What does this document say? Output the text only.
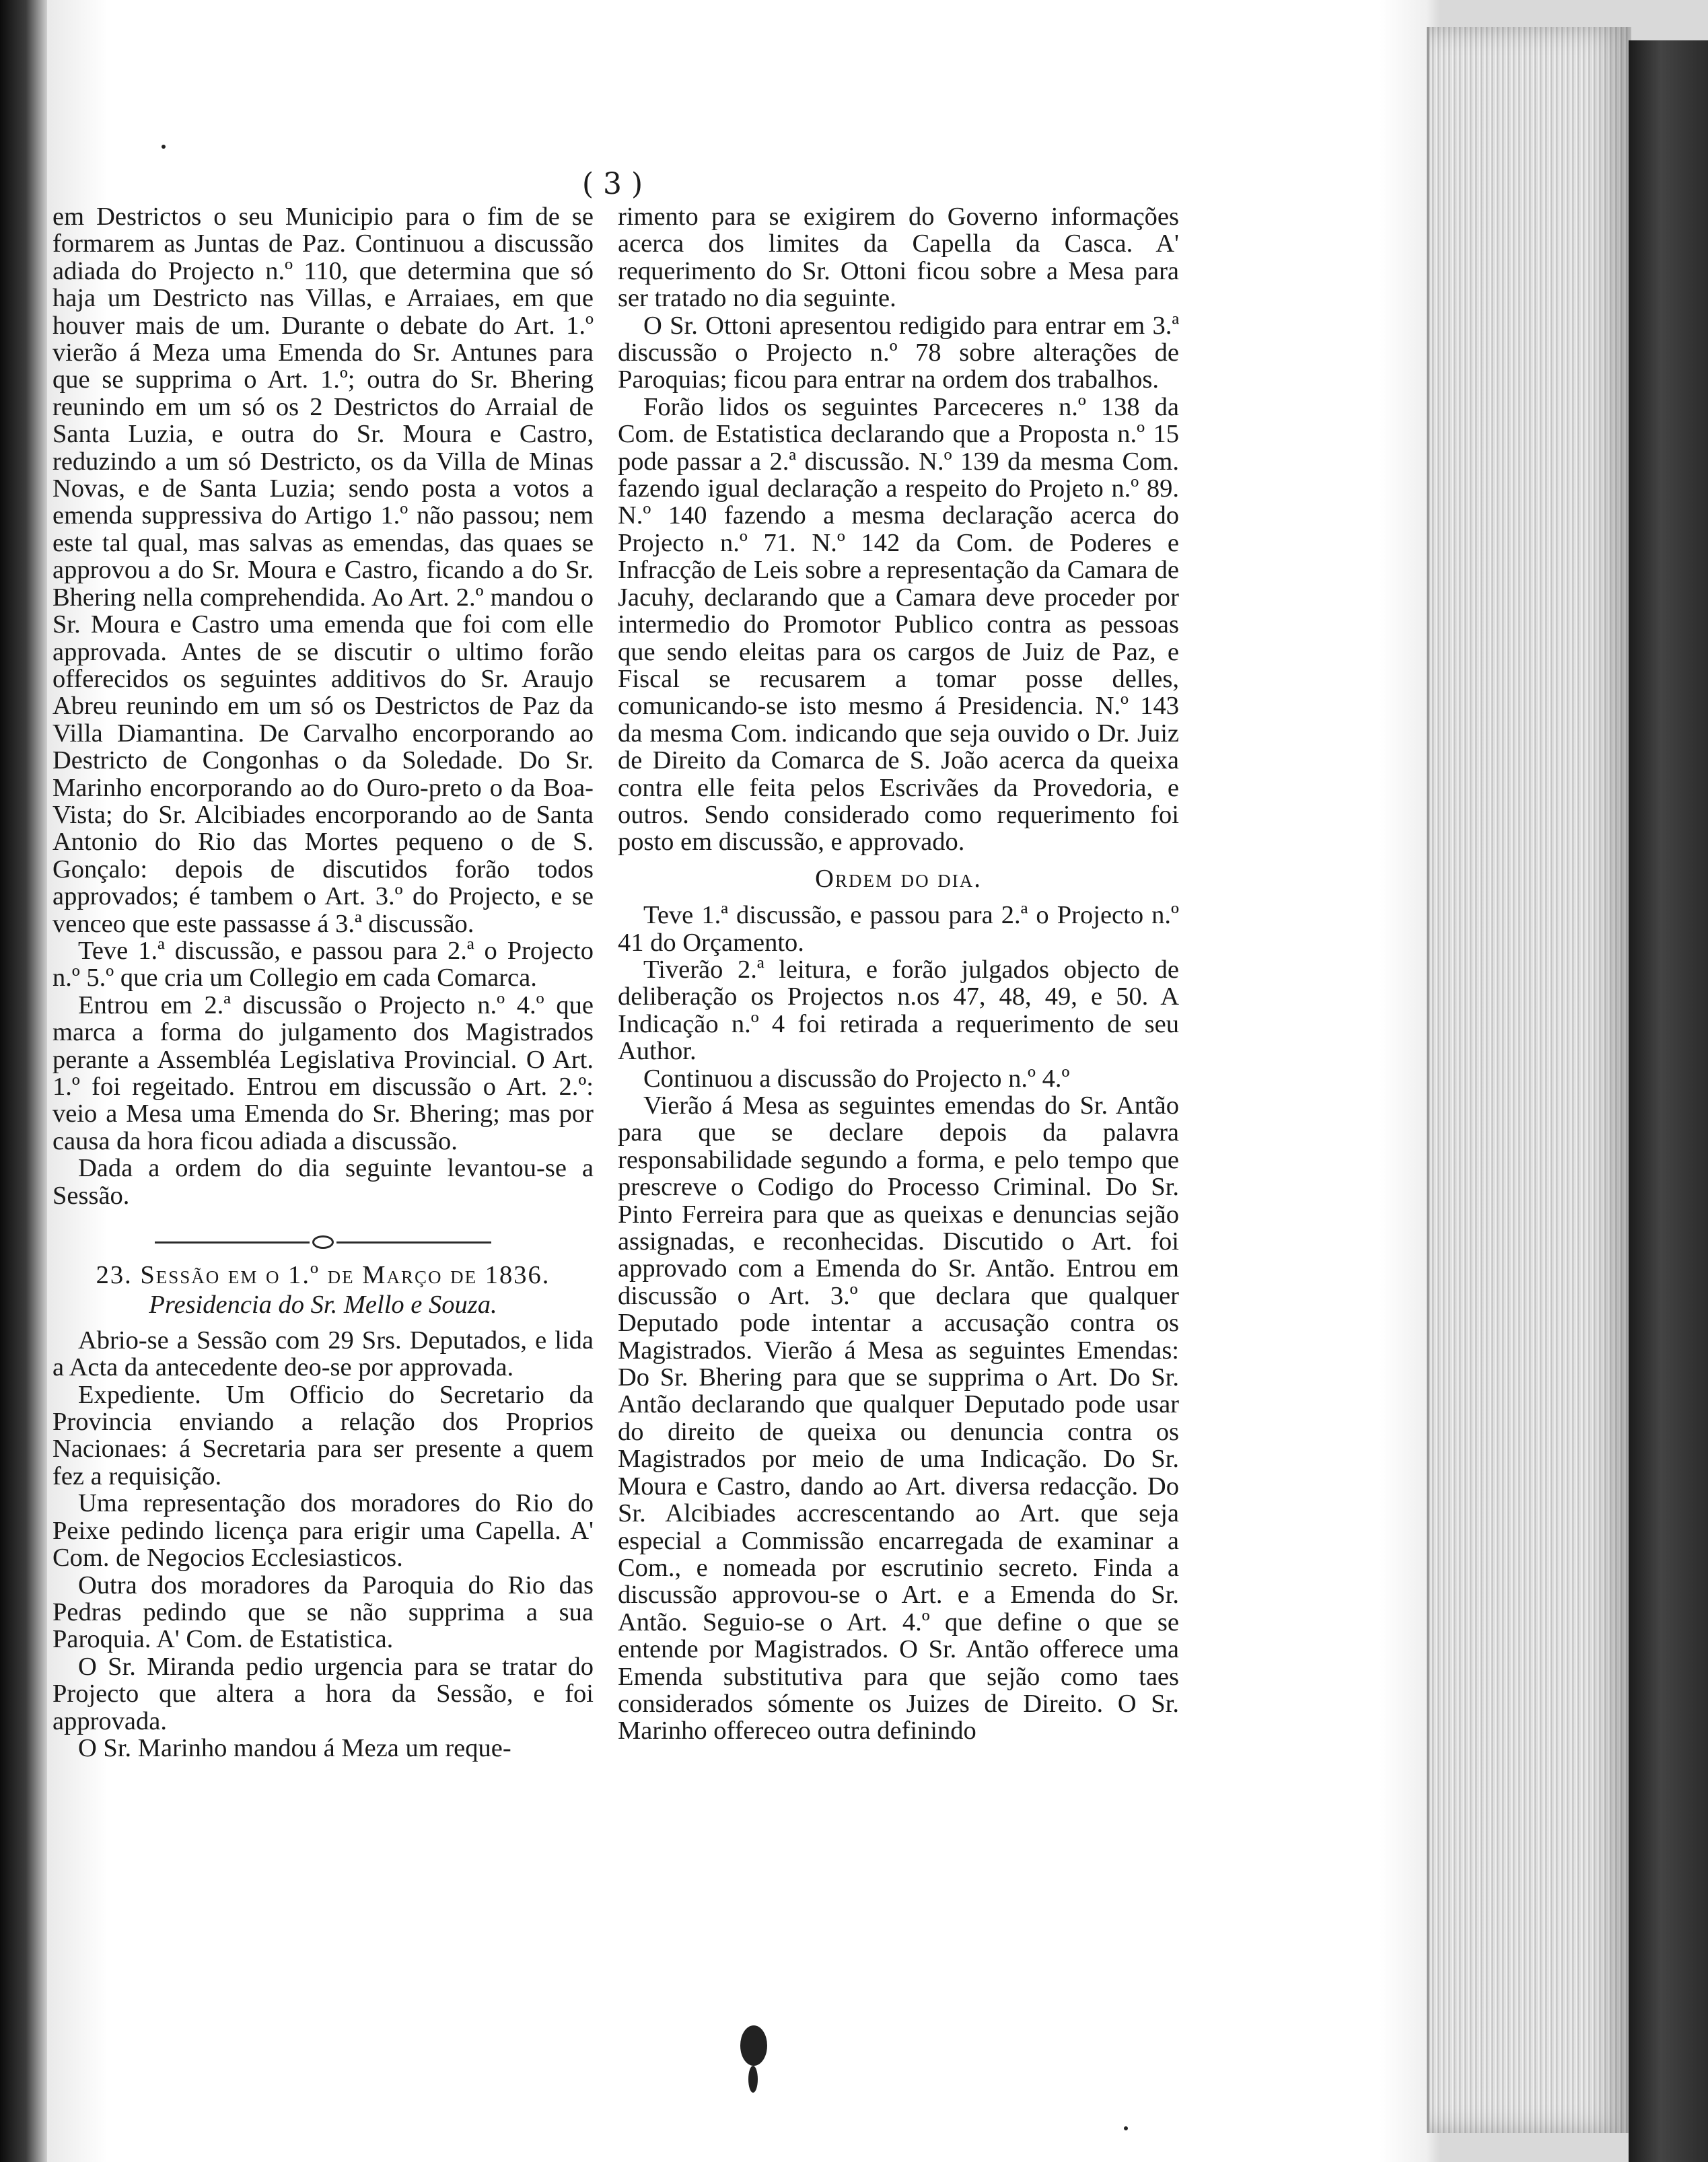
( 3 )

em Destrictos o seu Municipio para o fim de se formarem as Juntas de Paz. Continuou a discussão adiada do Projecto n.º 110, que determina que só haja um Destricto nas Villas, e Arraiaes, em que houver mais de um. Durante o debate do Art. 1.º vierão á Meza uma Emenda do Sr. Antunes para que se supprima o Art. 1.º; outra do Sr. Bhering reunindo em um só os 2 Destrictos do Arraial de Santa Luzia, e outra do Sr. Moura e Castro, reduzindo a um só Destricto, os da Villa de Minas Novas, e de Santa Luzia; sendo posta a votos a emenda suppressiva do Artigo 1.º não passou; nem este tal qual, mas salvas as emendas, das quaes se approvou a do Sr. Moura e Castro, ficando a do Sr. Bhering nella comprehendida. Ao Art. 2.º mandou o Sr. Moura e Castro uma emenda que foi com elle approvada. Antes de se discutir o ultimo forão offerecidos os seguintes additivos do Sr. Araujo Abreu reunindo em um só os Destrictos de Paz da Villa Diamantina. De Carvalho encorporando ao Destricto de Congonhas o da Soledade. Do Sr. Marinho encorporando ao do Ouro-preto o da Boa-Vista; do Sr. Alcibiades encorporando ao de Santa Antonio do Rio das Mortes pequeno o de S. Gonçalo: depois de discutidos forão todos approvados; é tambem o Art. 3.º do Projecto, e se venceo que este passasse á 3.ª discussão.

Teve 1.ª discussão, e passou para 2.ª o Projecto n.º 5.º que cria um Collegio em cada Comarca.

Entrou em 2.ª discussão o Projecto n.º 4.º que marca a forma do julgamento dos Magistrados perante a Assembléa Legislativa Provincial. O Art. 1.º foi regeitado. Entrou em discussão o Art. 2.º: veio a Mesa uma Emenda do Sr. Bhering; mas por causa da hora ficou adiada a discussão.

Dada a ordem do dia seguinte levantou-se a Sessão.

23. Sessão em o 1.º de Março de 1836.

Presidencia do Sr. Mello e Souza.

Abrio-se a Sessão com 29 Srs. Deputados, e lida a Acta da antecedente deo-se por approvada.

Expediente. Um Officio do Secretario da Provincia enviando a relação dos Proprios Nacionaes: á Secretaria para ser presente a quem fez a requisição.

Uma representação dos moradores do Rio do Peixe pedindo licença para erigir uma Capella. A' Com. de Negocios Ecclesiasticos.

Outra dos moradores da Paroquia do Rio das Pedras pedindo que se não supprima a sua Paroquia. A' Com. de Estatistica.

O Sr. Miranda pedio urgencia para se tratar do Projecto que altera a hora da Sessão, e foi approvada.

O Sr. Marinho mandou á Meza um reque-

rimento para se exigirem do Governo informações acerca dos limites da Capella da Casca. A' requerimento do Sr. Ottoni ficou sobre a Mesa para ser tratado no dia seguinte.

O Sr. Ottoni apresentou redigido para entrar em 3.ª discussão o Projecto n.º 78 sobre alterações de Paroquias; ficou para entrar na ordem dos trabalhos.

Forão lidos os seguintes Parceceres n.º 138 da Com. de Estatistica declarando que a Proposta n.º 15 pode passar a 2.ª discussão. N.º 139 da mesma Com. fazendo igual declaração a respeito do Projeto n.º 89. N.º 140 fazendo a mesma declaração acerca do Projecto n.º 71. N.º 142 da Com. de Poderes e Infracção de Leis sobre a representação da Camara de Jacuhy, declarando que a Camara deve proceder por intermedio do Promotor Publico contra as pessoas que sendo eleitas para os cargos de Juiz de Paz, e Fiscal se recusarem a tomar posse delles, comunicando-se isto mesmo á Presidencia. N.º 143 da mesma Com. indicando que seja ouvido o Dr. Juiz de Direito da Comarca de S. João acerca da queixa contra elle feita pelos Escrivães da Provedoria, e outros. Sendo considerado como requerimento foi posto em discussão, e approvado.

Ordem do dia.

Teve 1.ª discussão, e passou para 2.ª o Projecto n.º 41 do Orçamento.

Tiverão 2.ª leitura, e forão julgados objecto de deliberação os Projectos n.os 47, 48, 49, e 50. A Indicação n.º 4 foi retirada a requerimento de seu Author.

Continuou a discussão do Projecto n.º 4.º

Vierão á Mesa as seguintes emendas do Sr. Antão para que se declare depois da palavra responsabilidade segundo a forma, e pelo tempo que prescreve o Codigo do Processo Criminal. Do Sr. Pinto Ferreira para que as queixas e denuncias sejão assignadas, e reconhecidas. Discutido o Art. foi approvado com a Emenda do Sr. Antão. Entrou em discussão o Art. 3.º que declara que qualquer Deputado pode intentar a accusação contra os Magistrados. Vierão á Mesa as seguintes Emendas: Do Sr. Bhering para que se supprima o Art. Do Sr. Antão declarando que qualquer Deputado pode usar do direito de queixa ou denuncia contra os Magistrados por meio de uma Indicação. Do Sr. Moura e Castro, dando ao Art. diversa redacção. Do Sr. Alcibiades accrescentando ao Art. que seja especial a Commissão encarregada de examinar a Com., e nomeada por escrutinio secreto. Finda a discussão approvou-se o Art. e a Emenda do Sr. Antão. Seguio-se o Art. 4.º que define o que se entende por Magistrados. O Sr. Antão offerece uma Emenda substitutiva para que sejão como taes considerados sómente os Juizes de Direito. O Sr. Marinho offereceo outra definindo
